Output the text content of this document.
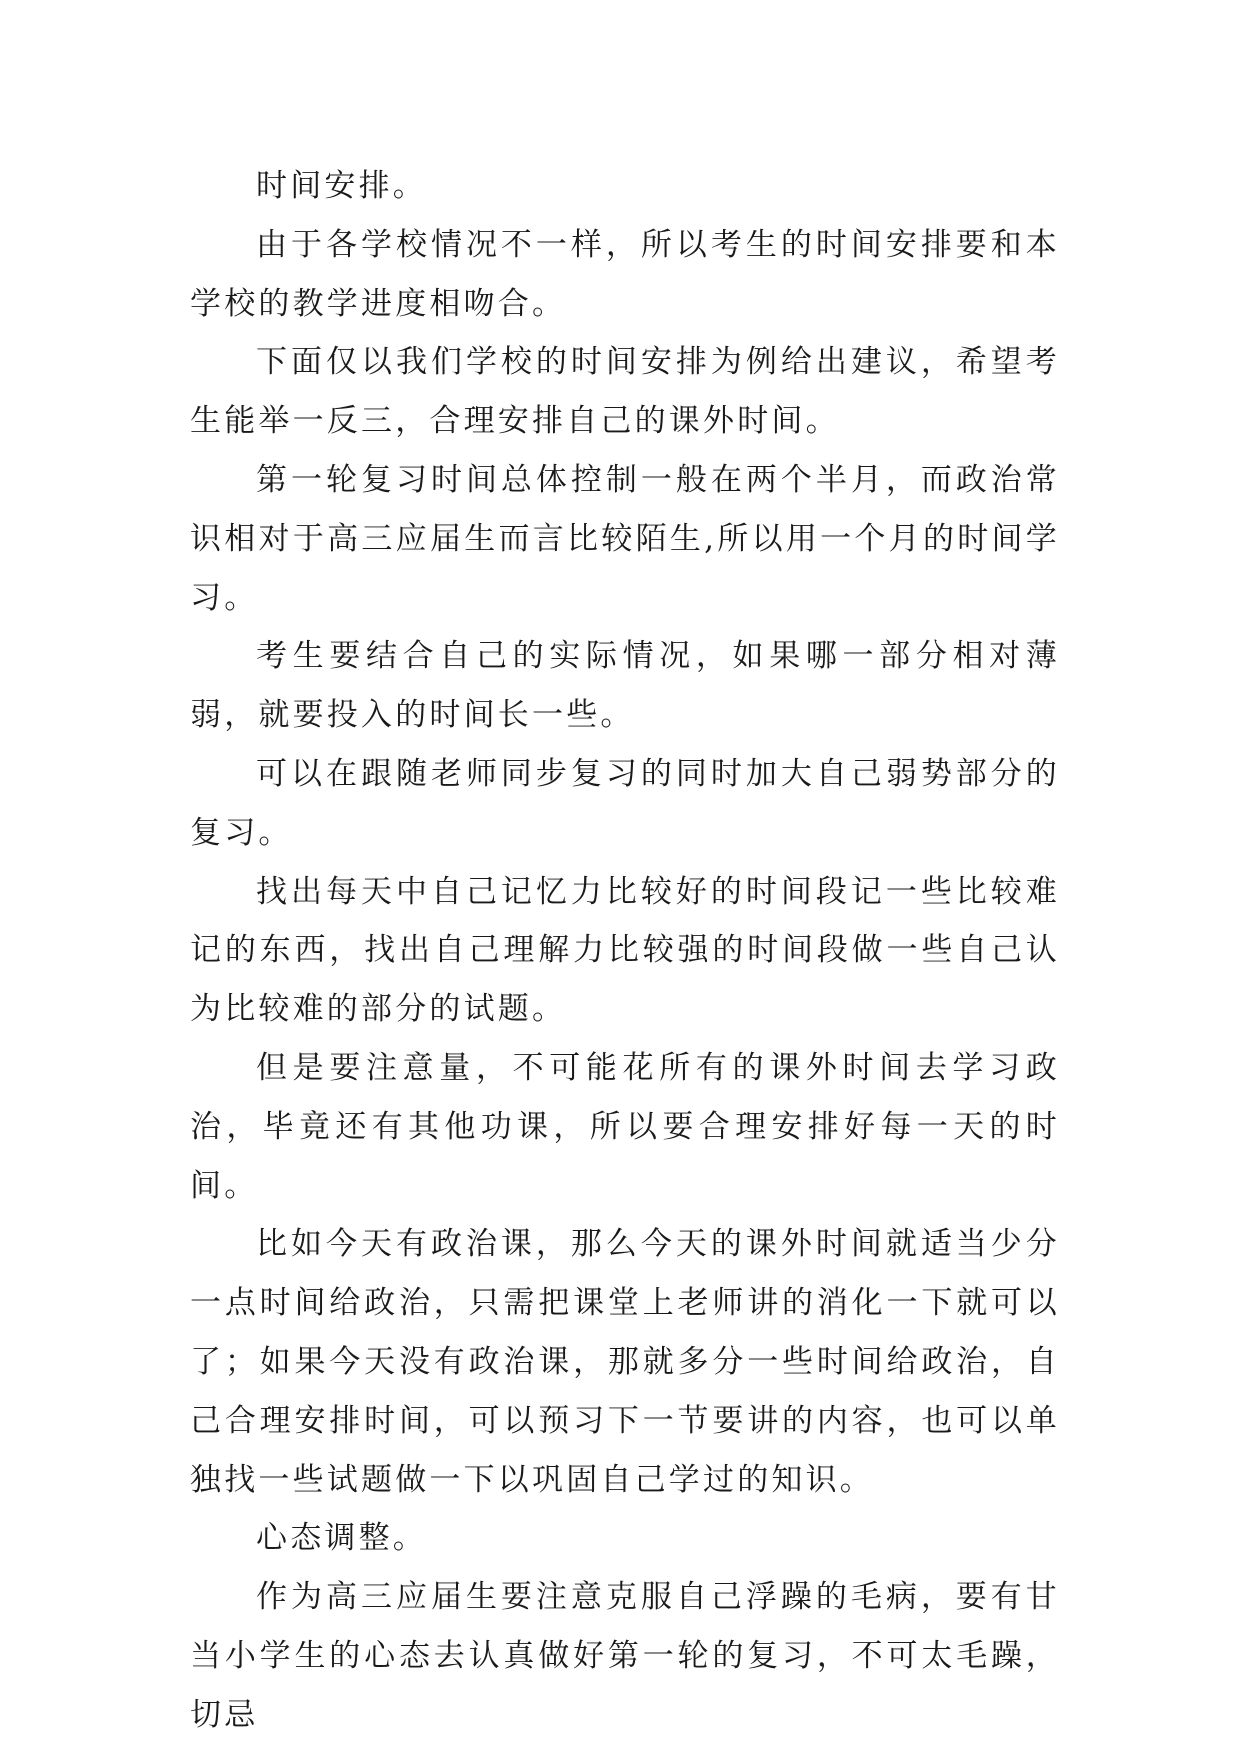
时间安排。

由于各学校情况不一样，所以考生的时间安排要和本学校的教学进度相吻合。

下面仅以我们学校的时间安排为例给出建议，希望考生能举一反三，合理安排自己的课外时间。

第一轮复习时间总体控制一般在两个半月，而政治常识相对于高三应届生而言比较陌生,所以用一个月的时间学习。

考生要结合自己的实际情况，如果哪一部分相对薄弱，就要投入的时间长一些。

可以在跟随老师同步复习的同时加大自己弱势部分的复习。

找出每天中自己记忆力比较好的时间段记一些比较难记的东西，找出自己理解力比较强的时间段做一些自己认为比较难的部分的试题。

但是要注意量，不可能花所有的课外时间去学习政治，毕竟还有其他功课，所以要合理安排好每一天的时间。

比如今天有政治课，那么今天的课外时间就适当少分一点时间给政治，只需把课堂上老师讲的消化一下就可以了；如果今天没有政治课，那就多分一些时间给政治，自己合理安排时间，可以预习下一节要讲的内容，也可以单独找一些试题做一下以巩固自己学过的知识。

心态调整。

作为高三应届生要注意克服自己浮躁的毛病，要有甘当小学生的心态去认真做好第一轮的复习，不可太毛躁，切忌
